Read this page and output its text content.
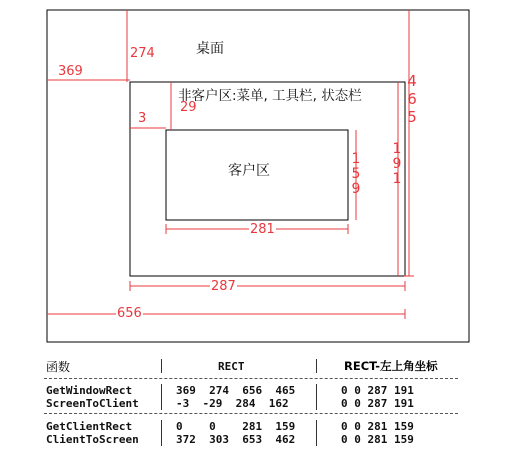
桌面
非客户区:菜单, 工具栏, 状态栏
客户区
274
369
29
3
281
287
656
465
191
159
函数	RECT	RECT-左上角坐标
GetWindowRect	369  274  656  465	0 0 287 191
ScreenToClient	-3  -29  284  162	0 0 287 191
GetClientRect	0    0    281  159	0 0 281 159
ClientToScreen	372  303  653  462	0 0 281 159
